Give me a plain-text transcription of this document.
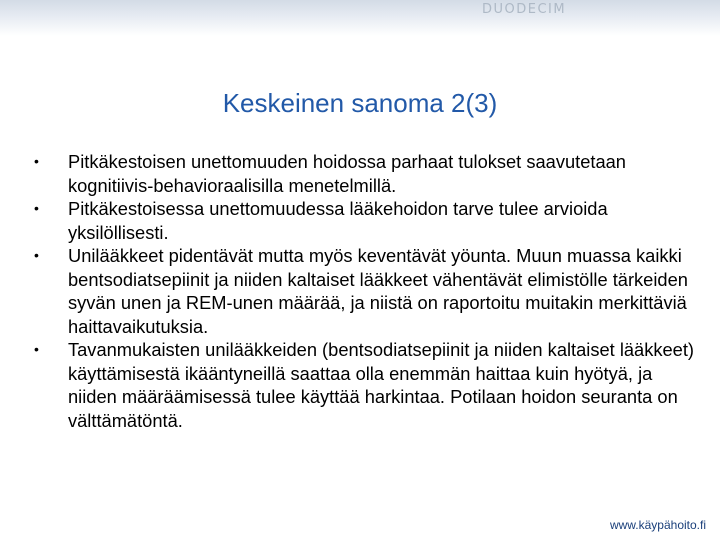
DUODECIM
Keskeinen sanoma 2(3)
•	Pitkäkestoisen unettomuuden hoidossa parhaat tulokset saavutetaan kognitiivis-behavioraalisilla menetelmillä.
•	Pitkäkestoisessa unettomuudessa lääkehoidon tarve tulee arvioida yksilöllisesti.
•	Unilääkkeet pidentävät mutta myös keventävät yöunta. Muun muassa kaikki bentsodiatsepiinit ja niiden kaltaiset lääkkeet vähentävät elimistölle tärkeiden syvän unen ja REM-unen määrää, ja niistä on raportoitu muitakin merkittäviä haittavaikutuksia.
•	Tavanmukaisten unilääkkeiden (bentsodiatsepiinit ja niiden kaltaiset lääkkeet) käyttämisestä ikääntyneillä saattaa olla enemmän haittaa kuin hyötyä, ja niiden määräämisessä tulee käyttää harkintaa. Potilaan hoidon seuranta on välttämätöntä.
www.käypähoito.fi
